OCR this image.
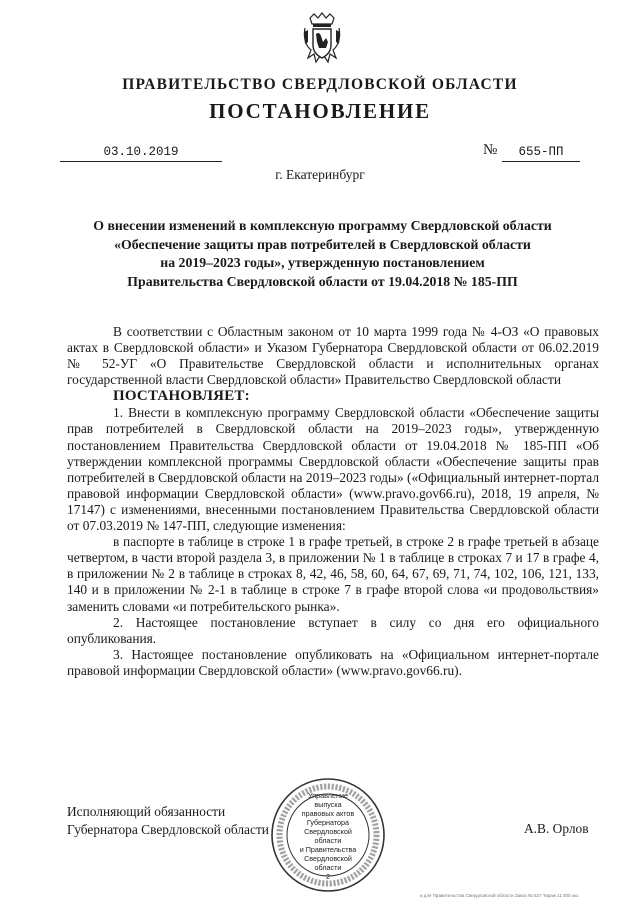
ПРАВИТЕЛЬСТВО СВЕРДЛОВСКОЙ ОБЛАСТИ
ПОСТАНОВЛЕНИЕ
03.10.2019	№	655-ПП
г. Екатеринбург
О внесении изменений в комплексную программу Свердловской области
«Обеспечение защиты прав потребителей в Свердловской области
на 2019–2023 годы», утвержденную постановлением
Правительства Свердловской области от 19.04.2018 № 185-ПП

В соответствии с Областным законом от 10 марта 1999 года № 4-ОЗ «О правовых актах в Свердловской области» и Указом Губернатора Свердловской области от 06.02.2019 № 52-УГ «О Правительстве Свердловской области и исполнительных органах государственной власти Свердловской области» Правительство Свердловской области

ПОСТАНОВЛЯЕТ:

1. Внести в комплексную программу Свердловской области «Обеспечение защиты прав потребителей в Свердловской области на 2019–2023 годы», утвержденную постановлением Правительства Свердловской области от 19.04.2018 № 185-ПП «Об утверждении комплексной программы Свердловской области «Обеспечение защиты прав потребителей в Свердловской области на 2019–2023 годы» («Официальный интернет-портал правовой информации Свердловской области» (www.pravo.gov66.ru), 2018, 19 апреля, № 17147) с изменениями, внесенными постановлением Правительства Свердловской области от 07.03.2019 № 147-ПП, следующие изменения:

в паспорте в таблице в строке 1 в графе третьей, в строке 2 в графе третьей в абзаце четвертом, в части второй раздела 3, в приложении № 1 в таблице в строках 7 и 17 в графе 4, в приложении № 2 в таблице в строках 8, 42, 46, 58, 60, 64, 67, 69, 71, 74, 102, 106, 121, 133, 140 и в приложении № 2-1 в таблице в строке 7 в графе второй слова «и продовольствия» заменить словами «и потребительского рынка».

2. Настоящее постановление вступает в силу со дня его официального опубликования.

3. Настоящее постановление опубликовать на «Официальном интернет-портале правовой информации Свердловской области» (www.pravo.gov66.ru).

Исполняющий обязанности
Губернатора Свердловской области	А.В. Орлов
Управление
выпуска
правовых актов
Губернатора
Свердловской области
и Правительства
Свердловской
области
2
и для Правительства Свердловской области Заказ № 527 Тираж 11 000 экз.
